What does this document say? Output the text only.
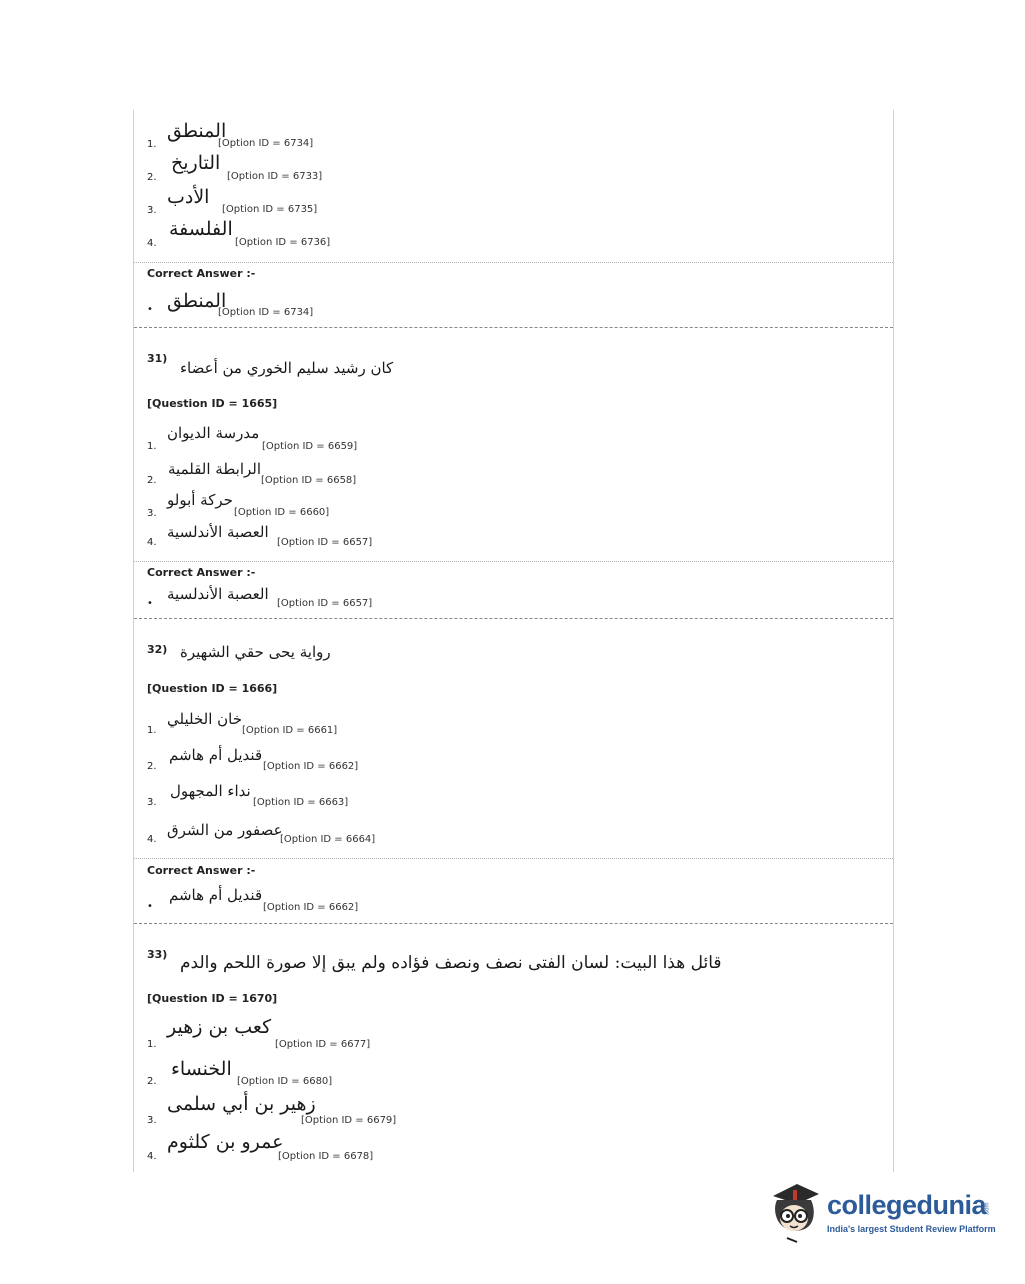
1.
المنطق
[Option ID = 6734]
2.
التاريخ
[Option ID = 6733]
3.
الأدب
[Option ID = 6735]
4.
الفلسفة
[Option ID = 6736]
Correct Answer :-
• المنطق
[Option ID = 6734]
31)
كان رشيد سليم الخوري من أعضاء
[Question ID = 1665]
1.
مدرسة الديوان
[Option ID = 6659]
2.
الرابطة القلمية
[Option ID = 6658]
3.
حركة أبولو
[Option ID = 6660]
4.
العصبة الأندلسية
[Option ID = 6657]
Correct Answer :-
•
العصبة الأندلسية
[Option ID = 6657]
32) رواية يحى حقي الشهيرة
[Question ID = 1666]
1.
خان الخليلي
[Option ID = 6661]
2.
قنديل أم هاشم
[Option ID = 6662]
3.
نداء المجهول
[Option ID = 6663]
4.
عصفور من الشرق
[Option ID = 6664]
Correct Answer :-
•
قنديل أم هاشم
[Option ID = 6662]
33) قائل هذا البيت: لسان الفتى نصف ونصف فؤاده ولم يبق إلا صورة اللحم والدم
[Question ID = 1670]
1.
كعب بن زهير
[Option ID = 6677]
2.
الخنساء
[Option ID = 6680]
3.
زهير بن أبي سلمى
[Option ID = 6679]
4.
عمرو بن كلثوم
[Option ID = 6678]
collegedunia
.com
India's largest Student Review Platform
